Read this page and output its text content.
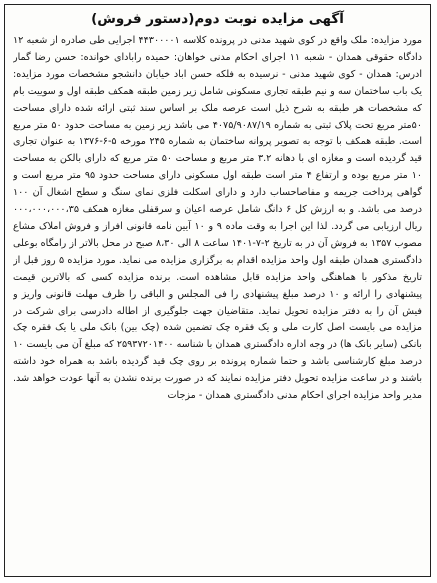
آگهی مزایده نوبت دوم(دستور فروش)
مورد مزایده: ملک واقع در کوی شهید مدنی در پرونده کلاسه ۴۴۳۰۰۰۰۱ اجرایی طی صادره از شعبه ۱۲ دادگاه حقوقی همدان - شعبه ۱۱ اجرای احکام مدنی خواهان: حمیده رابادای خوانده: حسن رضا گمار ادرس: همدان - کوی شهید مدنی - نرسیده به فلکه حسن اباد خیابان دانشجو مشخصات مورد مزایده: یک باب ساختمان سه و نیم طبقه تجاری مسکونی شامل زیر زمین طبقه همکف طبقه اول و سوییت بام که مشخصات هر طبقه به شرح ذیل است عرصه ملک بر اساس سند ثبتی ارائه شده دارای مساحت ۵۰متر مربع تحت پلاک ثبتی به شماره ۴۰۷۵/۹۰۸۷/۱۹ می باشد زیر زمین به مساحت حدود ۵۰ متر مربع است. طبقه همکف با توجه به تصویر پروانه ساختمان به شماره ۲۴۵ مورخه ۵-۶-۱۳۷۶ به عنوان تجاری قید گردیده است و مغازه ای با دهانه ۳.۲ متر مربع و مساحت ۵۰ متر مربع که دارای بالکن به مساحت ۱۰ متر مربع بوده و ارتفاع ۴ متر است طبقه اول مسکونی دارای مساحت حدود ۹۵ متر مربع است و گواهی پرداخت جریمه و مفاصاحساب دارد و دارای اسکلت فلزی نمای سنگ و سطح اشغال آن ۱۰۰ درصد می باشد. و به ارزش کل ۶ دانگ شامل عرصه اعیان و سرقفلی مغازه همکف ۰۰۰،۰۰۰،۰۰۰،۳۵ ریال ارزیابی می گردد. لذا این اجرا به وقت ماده ۹ و ۱۰ آیین نامه قانونی افراز و فروش املاک مشاع مصوب ۱۳۵۷ به فروش آن در به تاریخ ۲-۷-۱۴۰۱ ساعت ۸ الی ۸،۳۰ صبح در محل بالاتر از رامگاه بوعلی دادگستری همدان طبقه اول واحد مزایده اقدام به برگزاری مزایده می نماید. مورد مزایده ۵ روز قبل از تاریخ مذکور با هماهنگی واحد مزایده قابل مشاهده است. برنده مزایده کسی که بالاترین قیمت پیشنهادی را ارائه و ۱۰ درصد مبلغ پیشنهادی را فی المجلس و الباقی را ظرف مهلت قانونی واریز و فیش آن را به دفتر مزایده تحویل نماید. متقاضیان جهت جلوگیری از اطاله دادرسی برای شرکت در مزایده می بایست اصل کارت ملی و یک فقره چک تضمین شده (چک بین) بانک ملی یا یک فقره چک بانکی (سایر بانک ها) در وجه اداره دادگستری همدان با شناسه ۲۵۹۳۷۲۰۱۴۰۰ که مبلغ آن می بایست ۱۰ درصد مبلغ کارشناسی باشد و حتما شماره پرونده بر روی چک قید گردیده باشد به همراه خود داشته باشند و در ساعت مزایده تحویل دفتر مزایده نمایند که در صورت برنده نشدن به آنها عودت خواهد شد. مدیر واحد مزایده اجرای احکام مدنی دادگستری همدان - مزجات
